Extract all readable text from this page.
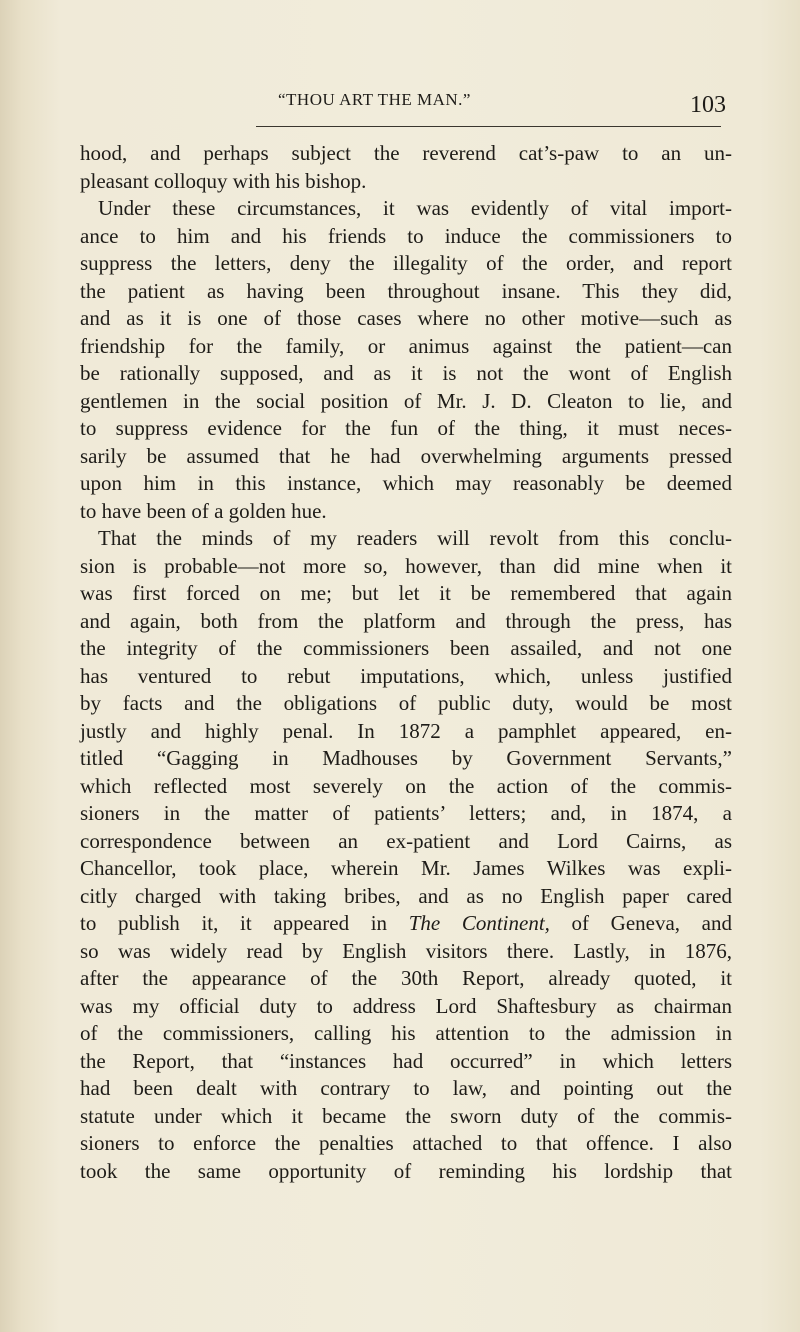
“THOU ART THE MAN.”	103
hood, and perhaps subject the reverend cat’s-paw to an un-
pleasant colloquy with his bishop.
Under these circumstances, it was evidently of vital import-
ance to him and his friends to induce the commissioners to
suppress the letters, deny the illegality of the order, and report
the patient as having been throughout insane. This they did,
and as it is one of those cases where no other motive—such as
friendship for the family, or animus against the patient—can
be rationally supposed, and as it is not the wont of English
gentlemen in the social position of Mr. J. D. Cleaton to lie, and
to suppress evidence for the fun of the thing, it must neces-
sarily be assumed that he had overwhelming arguments pressed
upon him in this instance, which may reasonably be deemed
to have been of a golden hue.
That the minds of my readers will revolt from this conclu-
sion is probable—not more so, however, than did mine when it
was first forced on me; but let it be remembered that again
and again, both from the platform and through the press, has
the integrity of the commissioners been assailed, and not one
has ventured to rebut imputations, which, unless justified
by facts and the obligations of public duty, would be most
justly and highly penal. In 1872 a pamphlet appeared, en-
titled “Gagging in Madhouses by Government Servants,”
which reflected most severely on the action of the commis-
sioners in the matter of patients’ letters; and, in 1874, a
correspondence between an ex-patient and Lord Cairns, as
Chancellor, took place, wherein Mr. James Wilkes was expli-
citly charged with taking bribes, and as no English paper cared
to publish it, it appeared in The Continent, of Geneva, and
so was widely read by English visitors there. Lastly, in 1876,
after the appearance of the 30th Report, already quoted, it
was my official duty to address Lord Shaftesbury as chairman
of the commissioners, calling his attention to the admission in
the Report, that “instances had occurred” in which letters
had been dealt with contrary to law, and pointing out the
statute under which it became the sworn duty of the commis-
sioners to enforce the penalties attached to that offence. I also
took the same opportunity of reminding his lordship that
